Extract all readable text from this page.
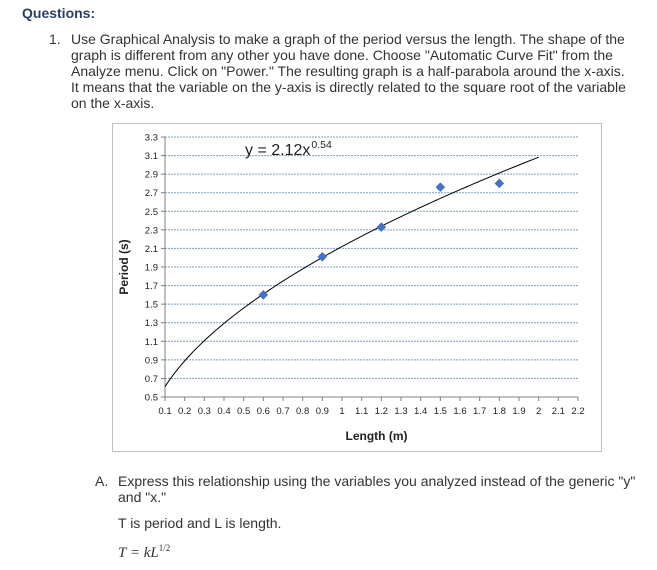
Questions:
1. Use Graphical Analysis to make a graph of the period versus the length. The shape of the graph is different from any other you have done. Choose "Automatic Curve Fit" from the Analyze menu. Click on "Power." The resulting graph is a half-parabola around the x-axis. It means that the variable on the y-axis is directly related to the square root of the variable on the x-axis.
0.5
0.7
0.9
1.1
1.3
1.5
1.7
1.9
2.1
2.3
2.5
2.7
2.9
3.1
3.3
0.1 0.2 0.3 0.4 0.5 0.6 0.7 0.8 0.9 1 1.1 1.2 1.3 1.4 1.5 1.6 1.7 1.8 1.9 2 2.1 2.2
Length (m)
Period (s)
y = 2.12x 0.54
A. Express this relationship using the variables you analyzed instead of the generic "y" and "x."
T is period and L is length.
$T = kL^{1/2}$
